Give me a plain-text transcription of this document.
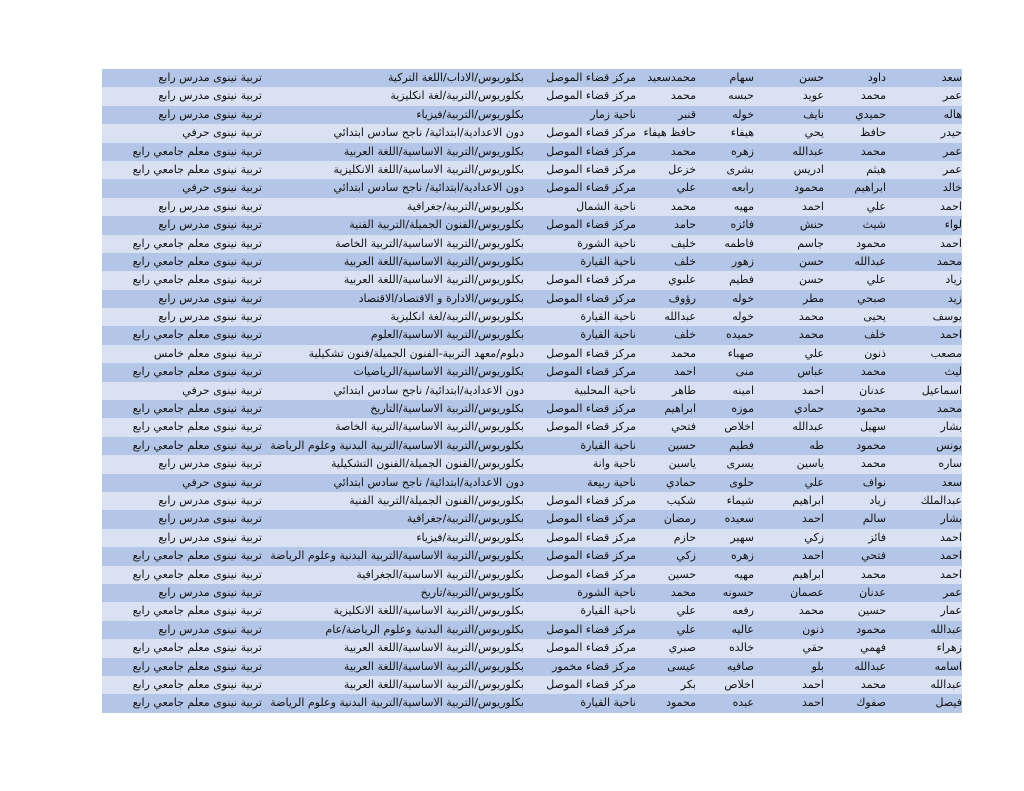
سعد
داود
حسن
سهام
محمدسعيد
مركز قضاء الموصل
بكلوريوس/الاداب/اللغة التركية
تربية نينوى مدرس رابع
عمر
محمد
عويد
حبسه
محمد
مركز قضاء الموصل
بكلوريوس/التربية/لغة انكليزية
تربية نينوى مدرس رابع
هاله
حميدي
نايف
خوله
قنبر
ناحية زمار
بكلوريوس/التربية/فيزياء
تربية نينوى مدرس رابع
حيدر
حافظ
يحي
هيفاء
حافظ هيفاء
مركز قضاء الموصل
دون الاعدادية/ابتدائية/ ناجح سادس ابتدائي
تربية نينوى حرفي
عمر
محمد
عبدالله
زهره
محمد
مركز قضاء الموصل
بكلوريوس/التربية الاساسية/اللغة العربية
تربية نينوى معلم جامعي رابع
عمر
هيثم
ادريس
بشرى
خزعل
مركز قضاء الموصل
بكلوريوس/التربية الاساسية/اللغة الانكليزية
تربية نينوى معلم جامعي رابع
خالد
ابراهيم
محمود
رابعه
علي
مركز قضاء الموصل
دون الاعدادية/ابتدائية/ ناجح سادس ابتدائي
تربية نينوى حرفي
احمد
علي
احمد
مهيه
محمد
ناحية الشمال
بكلوريوس/التربية/جغرافية
تربية نينوى مدرس رابع
لواء
شيث
حنش
فائزه
حامد
مركز قضاء الموصل
بكلوريوس/الفنون الجميلة/التربية الفنية
تربية نينوى مدرس رابع
احمد
محمود
جاسم
فاطمه
خليف
ناحية الشورة
بكلوريوس/التربية الاساسية/التربية الخاصة
تربية نينوى معلم جامعي رابع
محمد
عبدالله
حسن
زهور
خلف
ناحية القيارة
بكلوريوس/التربية الاساسية/اللغة العربية
تربية نينوى معلم جامعي رابع
زياد
علي
حسن
فطيم
علبوي
مركز قضاء الموصل
بكلوريوس/التربية الاساسية/اللغة العربية
تربية نينوى معلم جامعي رابع
زيد
صبحي
مطر
خوله
رؤوف
مركز قضاء الموصل
بكلوريوس/الادارة و الاقتصاد/الاقتصاد
تربية نينوى مدرس رابع
يوسف
يحيى
محمد
خوله
عبدالله
ناحية القيارة
بكلوريوس/التربية/لغة انكليزية
تربية نينوى مدرس رابع
احمد
خلف
محمد
حميده
خلف
ناحية القيارة
بكلوريوس/التربية الاساسية/العلوم
تربية نينوى معلم جامعي رابع
مصعب
ذنون
علي
صهباء
محمد
مركز قضاء الموصل
دبلوم/معهد التربية-الفنون الجميلة/فنون تشكيلية
تربية نينوى معلم خامس
ليث
محمد
عباس
منى
احمد
مركز قضاء الموصل
بكلوريوس/التربية الاساسية/الرياضيات
تربية نينوى معلم جامعي رابع
اسماعيل
عدنان
احمد
امينه
طاهر
ناحية المحلبية
دون الاعدادية/ابتدائية/ ناجح سادس ابتدائي
تربية نينوى حرفي
محمد
محمود
حمادي
موزه
ابراهيم
مركز قضاء الموصل
بكلوريوس/التربية الاساسية/التاريخ
تربية نينوى معلم جامعي رابع
بشار
سهيل
عبدالله
اخلاص
فتحي
مركز قضاء الموصل
بكلوريوس/التربية الاساسية/التربية الخاصة
تربية نينوى معلم جامعي رابع
يونس
محمود
طه
فطيم
حسين
ناحية القيارة
بكلوريوس/التربية الاساسية/التربية البدنية وعلوم الرياضة
تربية نينوى معلم جامعي رابع
ساره
محمد
ياسين
يسرى
ياسين
ناحية وانة
بكلوريوس/الفنون الجميلة/الفنون التشكيلية
تربية نينوى مدرس رابع
سعد
نواف
علي
حلوى
حمادي
ناحية ربيعة
دون الاعدادية/ابتدائية/ ناجح سادس ابتدائي
تربية نينوى حرفي
عبدالملك
زياد
ابراهيم
شيماء
شكيب
مركز قضاء الموصل
بكلوريوس/الفنون الجميلة/التربية الفنية
تربية نينوى مدرس رابع
بشار
سالم
احمد
سعيده
رمضان
مركز قضاء الموصل
بكلوريوس/التربية/جغرافية
تربية نينوى مدرس رابع
احمد
فائز
زكي
سهير
حازم
مركز قضاء الموصل
بكلوريوس/التربية/فيزياء
تربية نينوى مدرس رابع
احمد
فتحي
احمد
زهره
زكي
مركز قضاء الموصل
بكلوريوس/التربية الاساسية/التربية البدنية وعلوم الرياضة
تربية نينوى معلم جامعي رابع
احمد
محمد
ابراهيم
مهيه
حسين
مركز قضاء الموصل
بكلوريوس/التربية الاساسية/الجغرافية
تربية نينوى معلم جامعي رابع
عمر
عدنان
عصمان
حسونه
محمد
ناحية الشورة
بكلوريوس/التربية/تاريخ
تربية نينوى مدرس رابع
عمار
حسين
محمد
رفعه
علي
ناحية القيارة
بكلوريوس/التربية الاساسية/اللغة الانكليزية
تربية نينوى معلم جامعي رابع
عبدالله
محمود
ذنون
عاليه
علي
مركز قضاء الموصل
بكلوريوس/التربية البدنية وعلوم الرياضة/عام
تربية نينوى مدرس رابع
زهراء
فهمي
حقي
خالده
صبري
مركز قضاء الموصل
بكلوريوس/التربية الاساسية/اللغة العربية
تربية نينوى معلم جامعي رابع
اسامه
عبدالله
بلو
صافيه
عيسى
مركز قضاء مخمور
بكلوريوس/التربية الاساسية/اللغة العربية
تربية نينوى معلم جامعي رابع
عبدالله
محمد
احمد
اخلاص
بكر
مركز قضاء الموصل
بكلوريوس/التربية الاساسية/اللغة العربية
تربية نينوى معلم جامعي رابع
فيصل
صفوك
احمد
عبده
محمود
ناحية القيارة
بكلوريوس/التربية الاساسية/التربية البدنية وعلوم الرياضة
تربية نينوى معلم جامعي رابع
